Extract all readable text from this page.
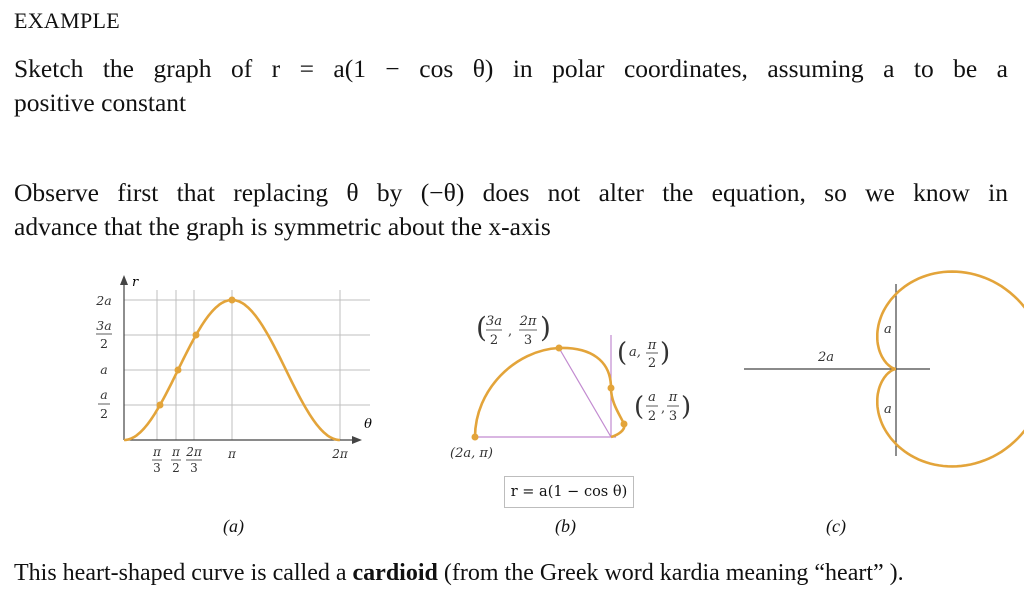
EXAMPLE
Sketch the graph of r = a(1 − cos θ) in polar coordinates, assuming a to be a
positive constant
Observe first that replacing θ by (−θ) does not alter the equation, so we know in
advance that the graph is symmetric about the x-axis
r
θ
2a
3a
2
a
a
2
π
3
π
2
2π
3
π	2π
(a)
( 3a
2
,
2π
3 )
( a, π
2 )
( a
2
,
π
3 )
(2a, π)
r = a(1 − cos θ)
(b)
a
2a
a
(c)
This heart-shaped curve is called a cardioid (from the Greek word kardia meaning “heart” ).
